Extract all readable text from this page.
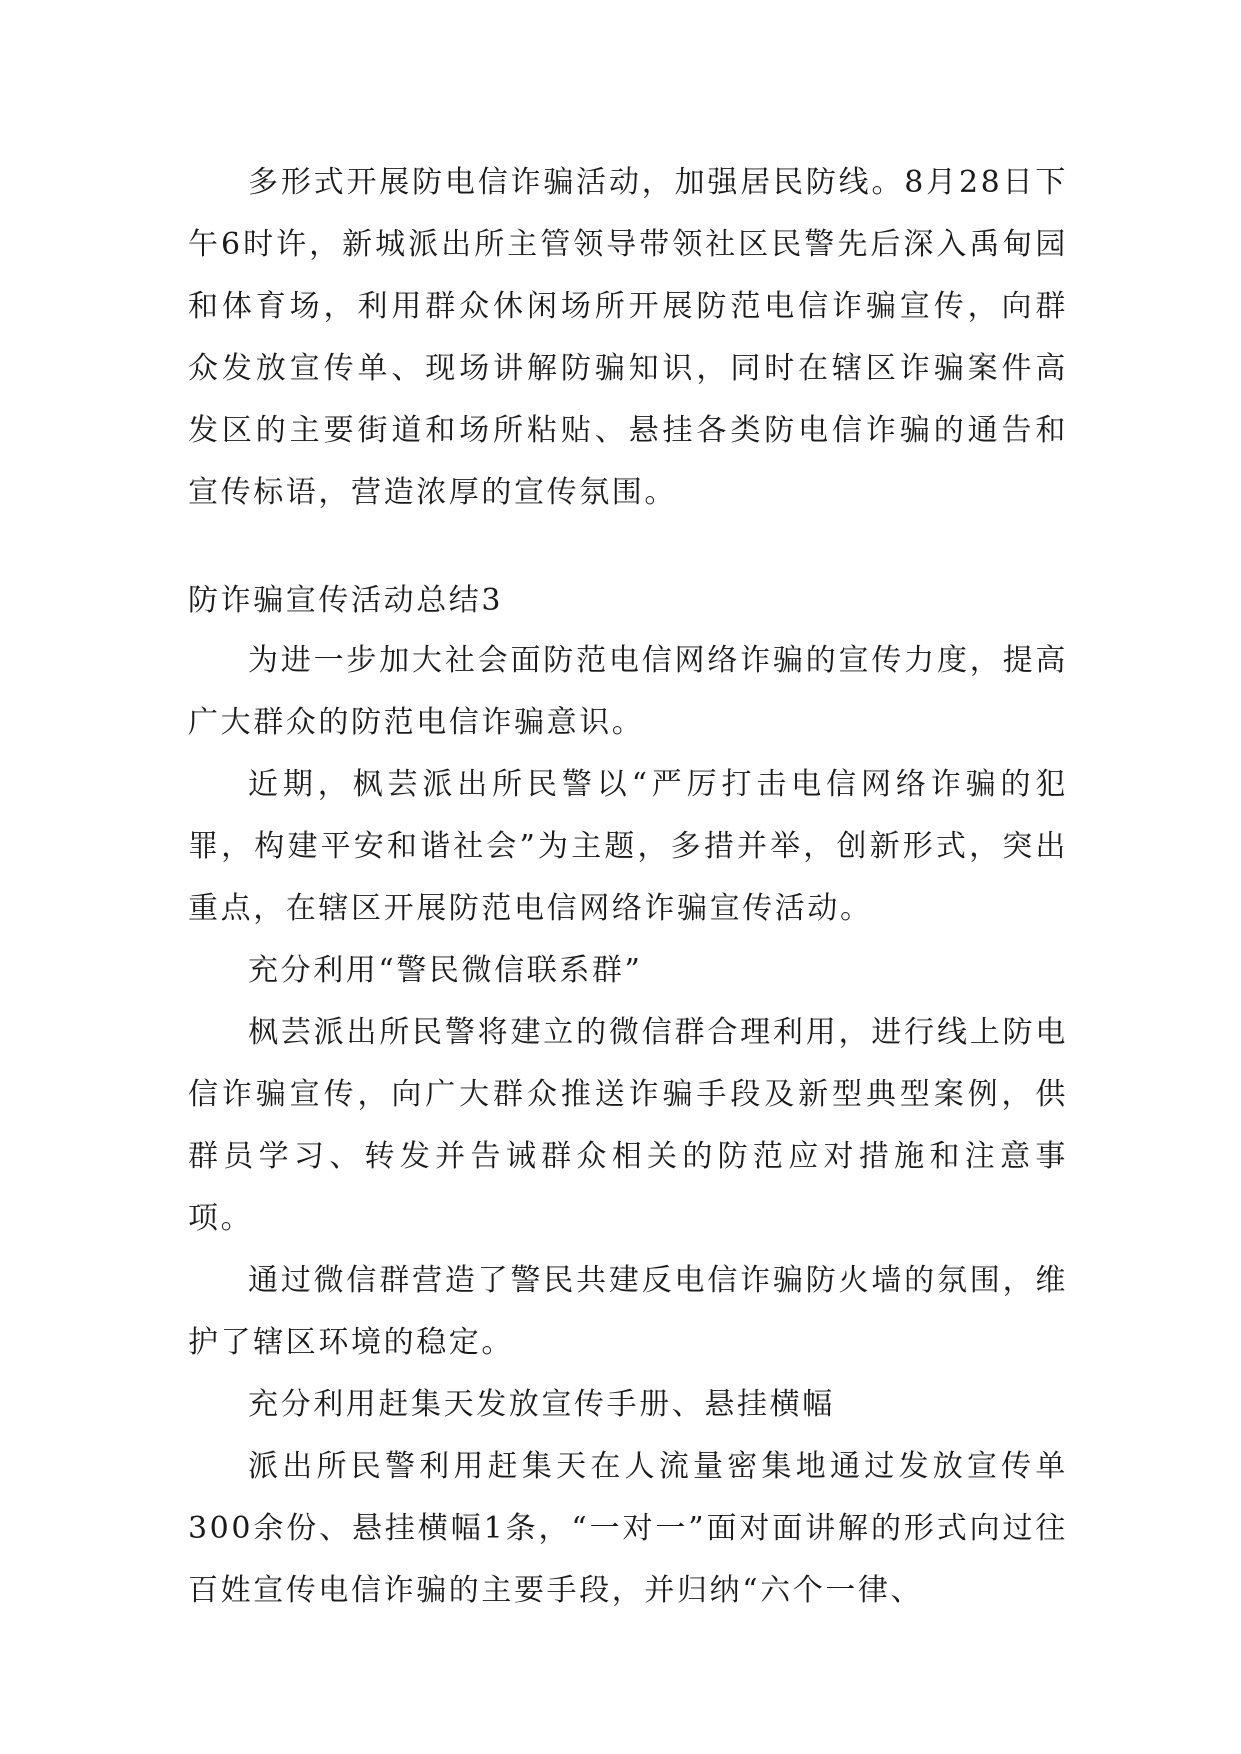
多形式开展防电信诈骗活动，加强居民防线。8月28日下午6时许，新城派出所主管领导带领社区民警先后深入禹甸园和体育场，利用群众休闲场所开展防范电信诈骗宣传，向群众发放宣传单、现场讲解防骗知识，同时在辖区诈骗案件高发区的主要街道和场所粘贴、悬挂各类防电信诈骗的通告和宣传标语，营造浓厚的宣传氛围。

防诈骗宣传活动总结3

为进一步加大社会面防范电信网络诈骗的宣传力度，提高广大群众的防范电信诈骗意识。

近期，枫芸派出所民警以“严厉打击电信网络诈骗的犯罪，构建平安和谐社会”为主题，多措并举，创新形式，突出重点，在辖区开展防范电信网络诈骗宣传活动。

充分利用“警民微信联系群”

枫芸派出所民警将建立的微信群合理利用，进行线上防电信诈骗宣传，向广大群众推送诈骗手段及新型典型案例，供群员学习、转发并告诫群众相关的防范应对措施和注意事项。

通过微信群营造了警民共建反电信诈骗防火墙的氛围，维护了辖区环境的稳定。

充分利用赶集天发放宣传手册、悬挂横幅

派出所民警利用赶集天在人流量密集地通过发放宣传单300余份、悬挂横幅1条，“一对一”面对面讲解的形式向过往百姓宣传电信诈骗的主要手段，并归纳“六个一律、
